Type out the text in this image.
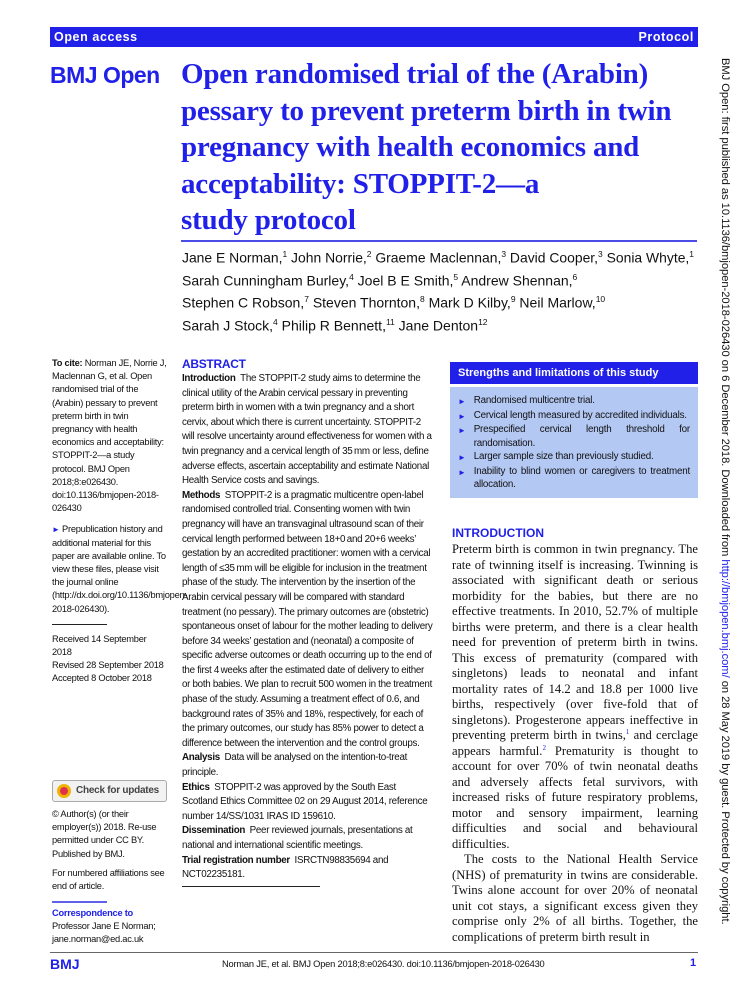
Open access	Protocol
BMJ Open Open randomised trial of the (Arabin)
pessary to prevent preterm birth in twin
pregnancy with health economics and
acceptability: STOPPIT-2—a
study protocol
Jane E Norman,$^1$ John Norrie,$^2$ Graeme Maclennan,$^3$ David Cooper,$^3$ Sonia Whyte,$^1$
Sarah Cunningham Burley,$^4$ Joel B E Smith,$^5$ Andrew Shennan,$^6$
Stephen C Robson,$^7$ Steven Thornton,$^8$ Mark D Kilby,$^9$ Neil Marlow,$^{10}$
Sarah J Stock,$^4$ Philip R Bennett,$^{11}$ Jane Denton$^{12}$

To cite: Norman JE, Norrie J, Maclennan G, et al. Open randomised trial of the (Arabin) pessary to prevent preterm birth in twin pregnancy with health economics and acceptability: STOPPIT-2—a study protocol. BMJ Open 2018;8:e026430. doi:10.1136/bmjopen-2018-026430

► Prepublication history and additional material for this paper are available online. To view these files, please visit the journal online (http://dx.doi.org/10.1136/bmjopen-2018-026430).

Received 14 September 2018
Revised 28 September 2018
Accepted 8 October 2018
Check for updates

© Author(s) (or their employer(s)) 2018. Re-use permitted under CC BY. Published by BMJ.

For numbered affiliations see end of article.

Correspondence to
Professor Jane E Norman;
jane.norman@ed.ac.uk
ABSTRACT
Introduction  The STOPPIT-2 study aims to determine the clinical utility of the Arabin cervical pessary in preventing preterm birth in women with a twin pregnancy and a short cervix, about which there is current uncertainty. STOPPIT-2 will resolve uncertainty around effectiveness for women with a twin pregnancy and a cervical length of 35 mm or less, define adverse effects, ascertain acceptability and estimate National Health Service costs and savings.
Methods  STOPPIT-2 is a pragmatic multicentre open-label randomised controlled trial. Consenting women with twin pregnancy will have an transvaginal ultrasound scan of their cervical length performed between 18+0 and 20+6 weeks’ gestation by an accredited practitioner: women with a cervical length of ≤35 mm will be eligible for inclusion in the treatment phase of the study. The intervention by the insertion of the Arabin cervical pessary will be compared with standard treatment (no pessary). The primary outcomes are (obstetric) spontaneous onset of labour for the mother leading to delivery before 34 weeks’ gestation and (neonatal) a composite of specific adverse outcomes or death occurring up to the end of the first 4 weeks after the estimated date of delivery to either or both babies. We plan to recruit 500 women in the treatment phase of the study. Assuming a treatment effect of 0.6, and background rates of 35% and 18%, respectively, for each of the primary outcomes, our study has 85% power to detect a difference between the intervention and the control groups.
Analysis  Data will be analysed on the intention-to-treat principle.
Ethics  STOPPIT-2 was approved by the South East Scotland Ethics Committee 02 on 29 August 2014, reference number 14/SS/1031 IRAS ID 159610.
Dissemination  Peer reviewed journals, presentations at national and international scientific meetings.
Trial registration number  ISRCTN98835694 and NCT02235181.
Strengths and limitations of this study
► Randomised multicentre trial.
► Cervical length measured by accredited individuals.
► Prespecified cervical length threshold for randomisation.
► Larger sample size than previously studied.
► Inability to blind women or caregivers to treatment allocation.
INTRODUCTION

Preterm birth is common in twin pregnancy. The rate of twinning itself is increasing. Twinning is associated with significant death or serious morbidity for the babies, but there are no effective treatments. In 2010, 52.7% of multiple births were preterm, and there is a clear health need for prevention of preterm birth in twins. This excess of prematurity (compared with singletons) leads to neonatal and infant mortality rates of 14.2 and 18.8 per 1000 live births, respectively (over five-fold that of singletons). Progesterone appears ineffective in preventing preterm birth in twins,$^1$ and cerclage appears harmful.$^2$ Prematurity is thought to account for over 70% of twin neonatal deaths and adversely affects fetal survivors, with increased risks of future respiratory problems, motor and sensory impairment, learning difficulties and social and behavioural difficulties.

The costs to the National Health Service (NHS) of prematurity in twins are considerable. Twins alone account for over 20% of neonatal unit cot stays, a significant excess given they comprise only 2% of all births. Together, the complications of preterm birth result in

BMJ Open: first published as 10.1136/bmjopen-2018-026430 on 6 December 2018. Downloaded from http://bmjopen.bmj.com/ on 28 May 2019 by guest. Protected by copyright.
BMJ	Norman JE, et al. BMJ Open 2018;8:e026430. doi:10.1136/bmjopen-2018-026430	1
